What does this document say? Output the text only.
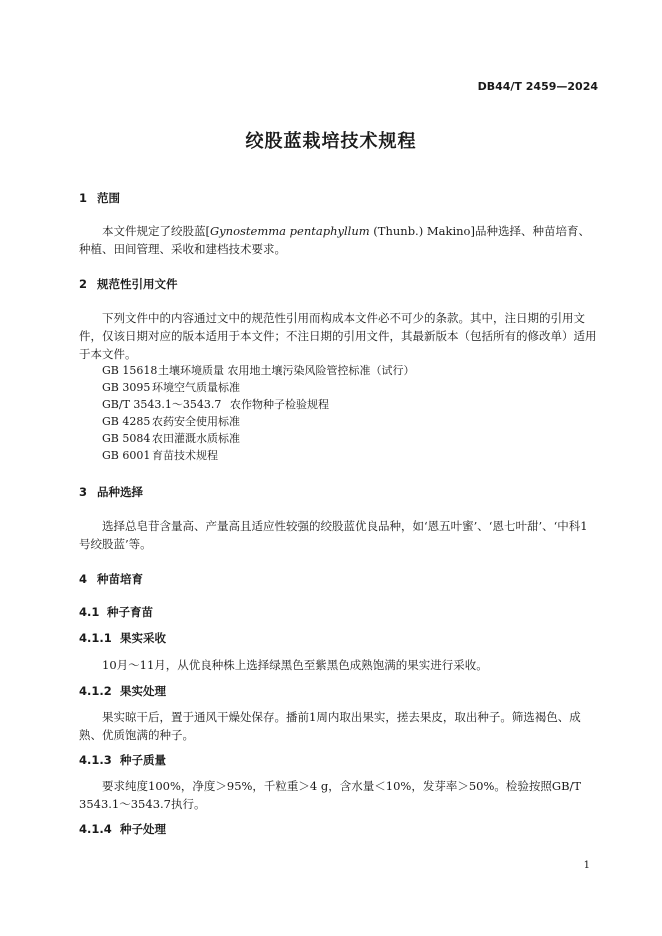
DB44/T 2459—2024
绞股蓝栽培技术规程
1 范围
本文件规定了绞股蓝[Gynostemma pentaphyllum (Thunb.) Makino]品种选择、种苗培育、种植、田间管理、采收和建档技术要求。
2 规范性引用文件
下列文件中的内容通过文中的规范性引用而构成本文件必不可少的条款。其中，注日期的引用文件，仅该日期对应的版本适用于本文件；不注日期的引用文件，其最新版本（包括所有的修改单）适用于本文件。
GB 15618土壤环境质量 农用地土壤污染风险管控标准（试行）
GB 3095 环境空气质量标准
GB/T 3543.1～3543.7 农作物种子检验规程
GB 4285 农药安全使用标准
GB 5084 农田灌溉水质标准
GB 6001 育苗技术规程
3 品种选择
选择总皂苷含量高、产量高且适应性较强的绞股蓝优良品种，如‘恩五叶蜜’、‘恩七叶甜’、‘中科1号绞股蓝’等。
4 种苗培育
4.1 种子育苗
4.1.1 果实采收
10月～11月，从优良种株上选择绿黑色至紫黑色成熟饱满的果实进行采收。
4.1.2 果实处理
果实晾干后，置于通风干燥处保存。播前1周内取出果实，搓去果皮，取出种子。筛选褐色、成熟、优质饱满的种子。
4.1.3 种子质量
要求纯度100%，净度＞95%，千粒重＞4 g，含水量＜10%，发芽率＞50%。检验按照GB/T 3543.1～3543.7执行。
4.1.4 种子处理
1
